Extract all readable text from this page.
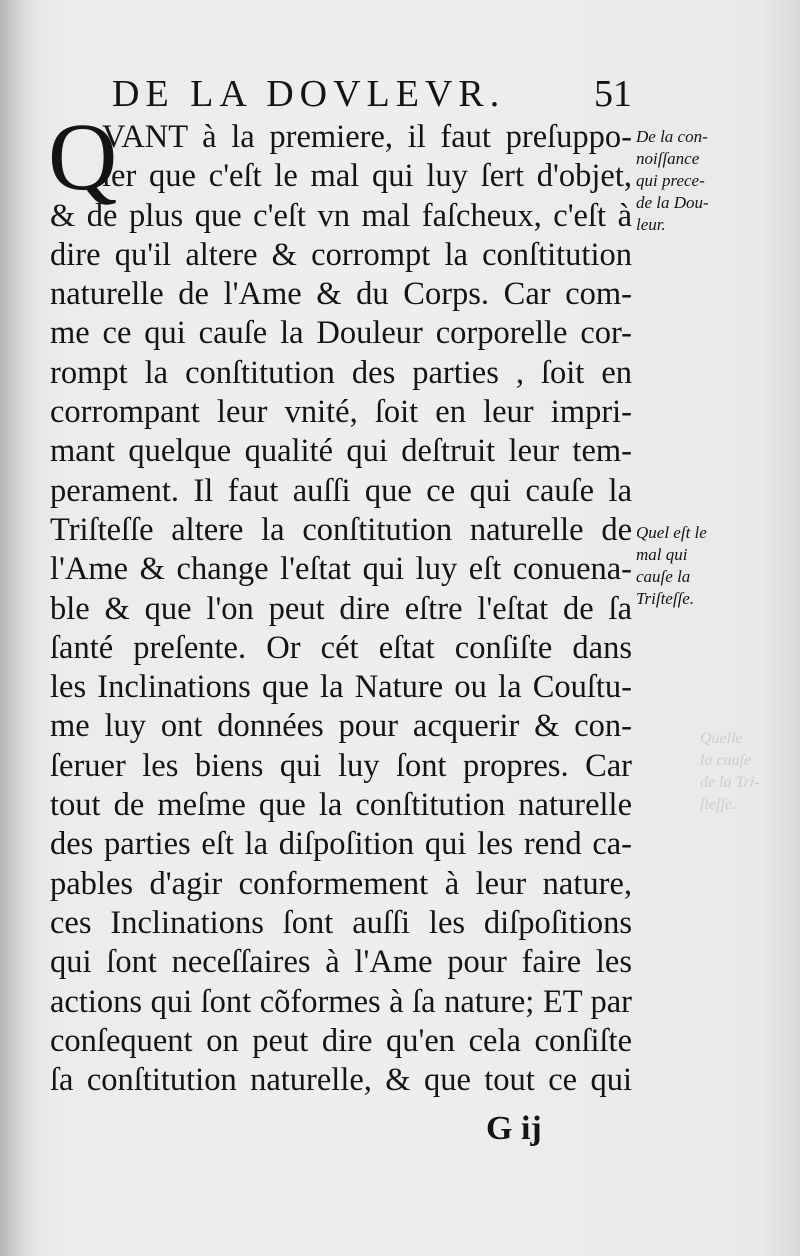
DE LA DOVLEVR. 51
Q
VANT à la premiere, il faut preſuppo-
ſer que c'eſt le mal qui luy ſert d'objet,
& de plus que c'eſt vn mal faſcheux, c'eſt à
dire qu'il altere & corrompt la conſtitution
naturelle de l'Ame & du Corps. Car com-
me ce qui cauſe la Douleur corporelle cor-
rompt la conſtitution des parties , ſoit en
corrompant leur vnité, ſoit en leur impri-
mant quelque qualité qui deſtruit leur tem-
perament. Il faut auſſi que ce qui cauſe la
Triſteſſe altere la conſtitution naturelle de
l'Ame & change l'eſtat qui luy eſt conuena-
ble & que l'on peut dire eſtre l'eſtat de ſa
ſanté preſente. Or cét eſtat conſiſte dans
les Inclinations que la Nature ou la Couſtu-
me luy ont données pour acquerir & con-
ſeruer les biens qui luy ſont propres. Car
tout de meſme que la conſtitution naturelle
des parties eſt la diſpoſition qui les rend ca-
pables d'agir conformement à leur nature,
ces Inclinations ſont auſſi les diſpoſitions
qui ſont neceſſaires à l'Ame pour faire les
actions qui ſont cõformes à ſa nature; ET par
conſequent on peut dire qu'en cela conſiſte
ſa conſtitution naturelle, & que tout ce qui
De la con-
noiſſance
qui prece-
de la Dou-
leur.
Quel eſt le
mal qui
cauſe la
Triſteſſe.
Quelle
la cauſe
de la Tri-
ſteſſe.
G ij
